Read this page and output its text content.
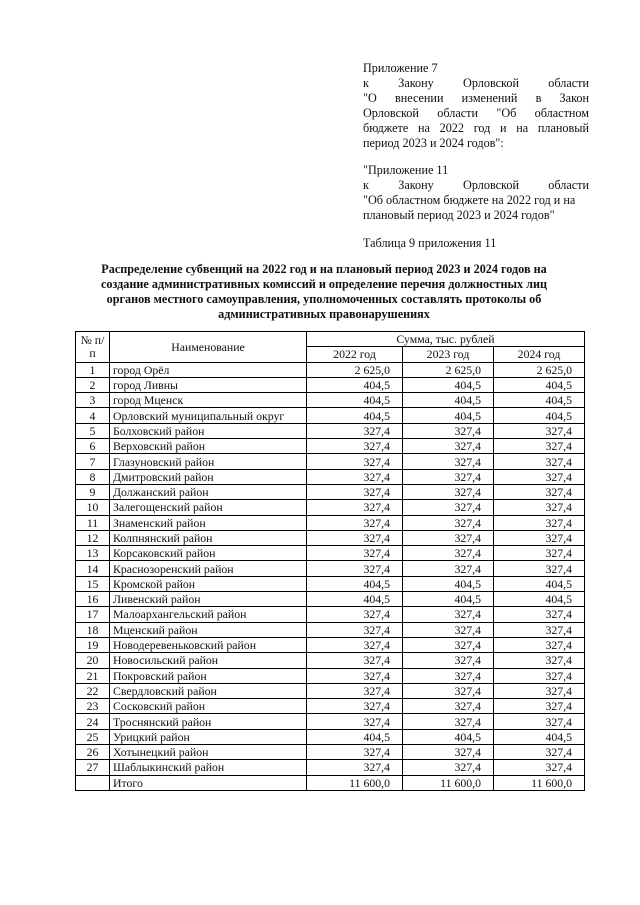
Приложение 7

к Закону Орловской области

"О внесении изменений в Закон

Орловской области "Об областном

бюджете на 2022 год и на плановый

период 2023 и 2024 годов":

"Приложение 11

к Закону Орловской области

"Об областном бюджете на 2022 год и на

плановый период 2023 и 2024 годов"

Таблица 9 приложения 11
Распределение субвенций на 2022 год и на плановый период 2023 и 2024 годов на создание административных комиссий и определение перечня должностных лиц органов местного самоуправления, уполномоченных составлять протоколы об административных правонарушениях
№ п/п	Наименование	Сумма, тыс. рублей		
		2022 год	2023 год	2024 год
1	город Орёл	2 625,0	2 625,0	2 625,0
2	город Ливны	404,5	404,5	404,5
3	город Мценск	404,5	404,5	404,5
4	Орловский муниципальный округ	404,5	404,5	404,5
5	Болховский район	327,4	327,4	327,4
6	Верховский район	327,4	327,4	327,4
7	Глазуновский район	327,4	327,4	327,4
8	Дмитровский район	327,4	327,4	327,4
9	Должанский район	327,4	327,4	327,4
10	Залегощенский район	327,4	327,4	327,4
11	Знаменский район	327,4	327,4	327,4
12	Колпнянский район	327,4	327,4	327,4
13	Корсаковский район	327,4	327,4	327,4
14	Краснозоренский район	327,4	327,4	327,4
15	Кромской район	404,5	404,5	404,5
16	Ливенский район	404,5	404,5	404,5
17	Малоархангельский район	327,4	327,4	327,4
18	Мценский район	327,4	327,4	327,4
19	Новодеревеньковский район	327,4	327,4	327,4
20	Новосильский район	327,4	327,4	327,4
21	Покровский район	327,4	327,4	327,4
22	Свердловский район	327,4	327,4	327,4
23	Сосковский район	327,4	327,4	327,4
24	Троснянский район	327,4	327,4	327,4
25	Урицкий район	404,5	404,5	404,5
26	Хотынецкий район	327,4	327,4	327,4
27	Шаблыкинский район	327,4	327,4	327,4
	Итого	11 600,0	11 600,0	11 600,0
